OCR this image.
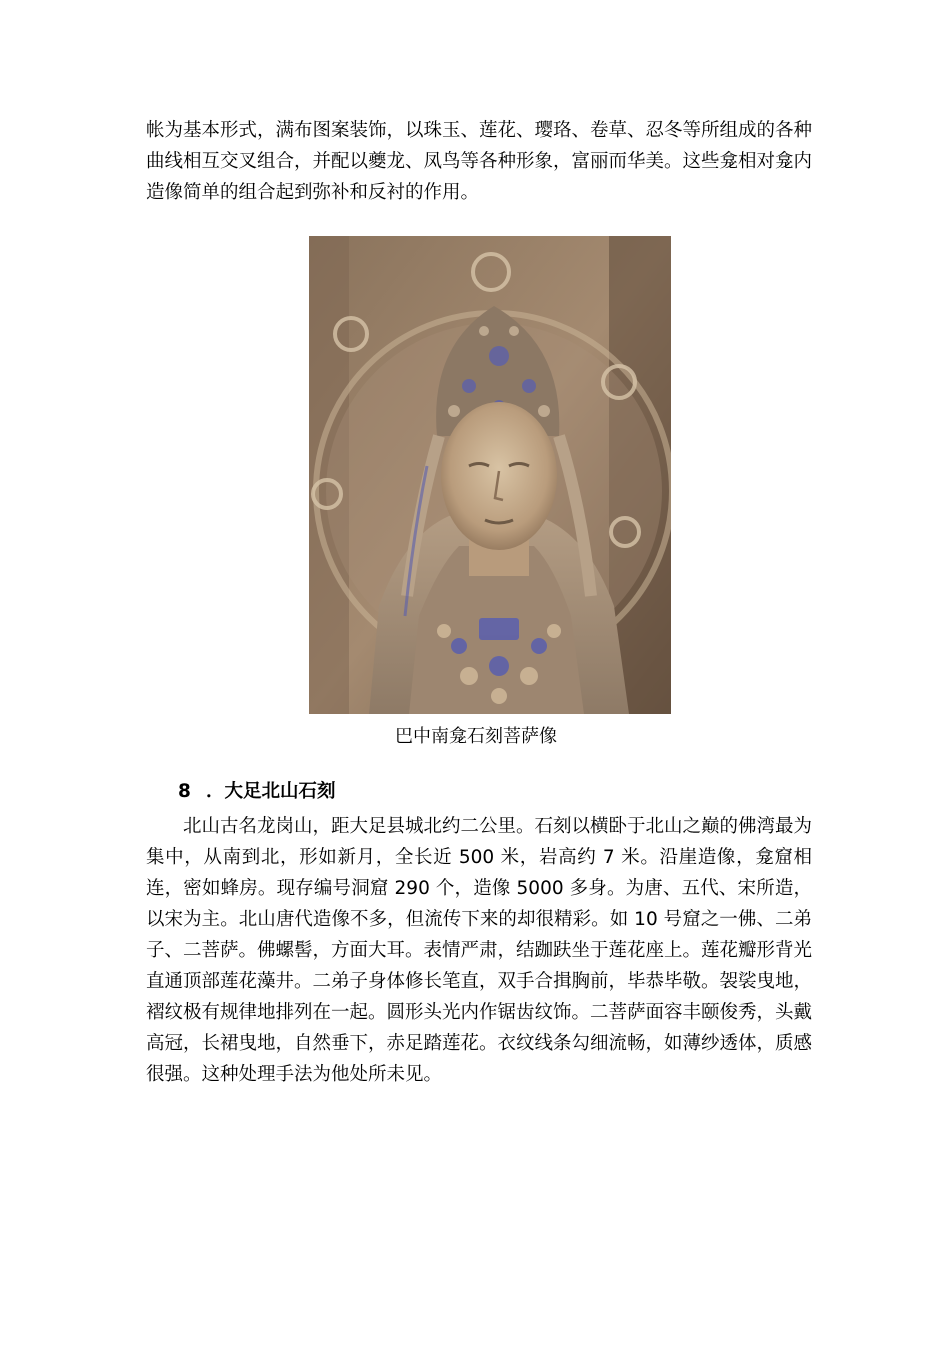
帐为基本形式，满布图案装饰，以珠玉、莲花、璎珞、卷草、忍冬等所组成的各种曲线相互交叉组合，并配以夔龙、凤鸟等各种形象，富丽而华美。这些龛相对龛内造像简单的组合起到弥补和反衬的作用。

巴中南龛石刻菩萨像

8 ．大足北山石刻

北山古名龙岗山，距大足县城北约二公里。石刻以横卧于北山之巅的佛湾最为集中，从南到北，形如新月，全长近 500 米，岩高约 7 米。沿崖造像，龛窟相连，密如蜂房。现存编号洞窟 290 个，造像 5000 多身。为唐、五代、宋所造，以宋为主。北山唐代造像不多，但流传下来的却很精彩。如 10 号窟之一佛、二弟子、二菩萨。佛螺髻，方面大耳。表情严肃，结跏趺坐于莲花座上。莲花瓣形背光直通顶部莲花藻井。二弟子身体修长笔直，双手合揖胸前，毕恭毕敬。袈裟曳地，褶纹极有规律地排列在一起。圆形头光内作锯齿纹饰。二菩萨面容丰颐俊秀，头戴高冠，长裙曳地，自然垂下，赤足踏莲花。衣纹线条勾细流畅，如薄纱透体，质感很强。这种处理手法为他处所未见。
